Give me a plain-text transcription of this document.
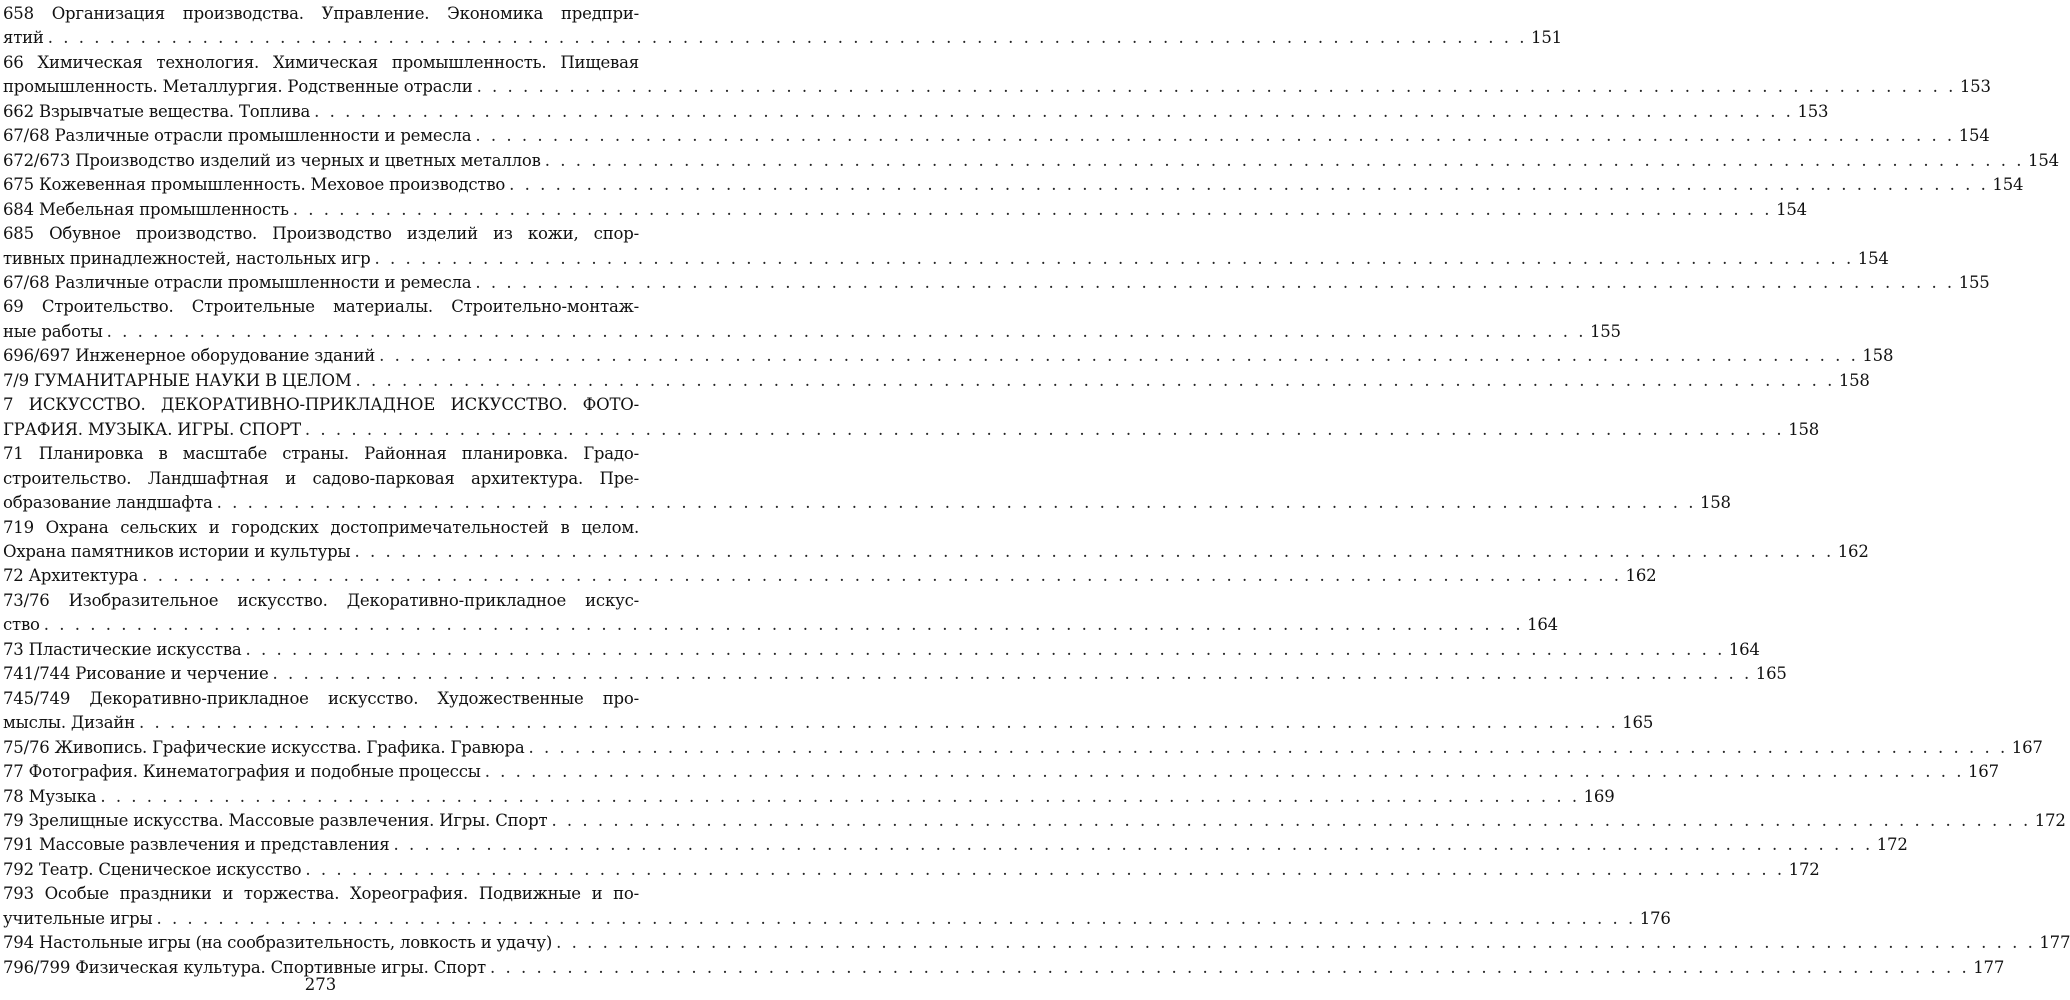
658 Организация производства. Управление. Экономика предпри-
ятий . . .	151
66 Химическая технология. Химическая промышленность. Пищевая
промышленность. Металлургия. Родственные отрасли . . .	153
662 Взрывчатые вещества. Топлива . . .	153
67/68 Различные отрасли промышленности и ремесла . . .	154
672/673 Производство изделий из черных и цветных металлов . . .	154
675 Кожевенная промышленность. Меховое производство . . .	154
684 Мебельная промышленность . . .	154
685 Обувное производство. Производство изделий из кожи, спор-
тивных принадлежностей, настольных игр . . .	154
67/68 Различные отрасли промышленности и ремесла . . .	155
69 Строительство. Строительные материалы. Строительно-монтаж-
ные работы . . .	155
696/697 Инженерное оборудование зданий . . .	158
7/9 ГУМАНИТАРНЫЕ НАУКИ В ЦЕЛОМ . . .	158
7 ИСКУССТВО. ДЕКОРАТИВНО-ПРИКЛАДНОЕ ИСКУССТВО. ФОТО-
ГРАФИЯ. МУЗЫКА. ИГРЫ. СПОРТ . . .	158
71 Планировка в масштабе страны. Районная планировка. Градо-
строительство. Ландшафтная и садово-парковая архитектура. Пре-
образование ландшафта . . .	158
719 Охрана сельских и городских достопримечательностей в целом.
Охрана памятников истории и культуры . . .	162
72 Архитектура . . .	162
73/76 Изобразительное искусство. Декоративно-прикладное искус-
ство . . .	164
73 Пластические искусства . . .	164
741/744 Рисование и черчение . . .	165
745/749 Декоративно-прикладное искусство. Художественные про-
мыслы. Дизайн . . .	165
75/76 Живопись. Графические искусства. Графика. Гравюра . . .	167
77 Фотография. Кинематография и подобные процессы . . .	167
78 Музыка . . .	169
79 Зрелищные искусства. Массовые развлечения. Игры. Спорт . . .	172
791 Массовые развлечения и представления . . .	172
792 Театр. Сценическое искусство . . .	172
793 Особые праздники и торжества. Хореография. Подвижные и по-
учительные игры . . .	176
794 Настольные игры (на сообразительность, ловкость и удачу) . . .	177
796/799 Физическая культура. Спортивные игры. Спорт . . .	177
273
